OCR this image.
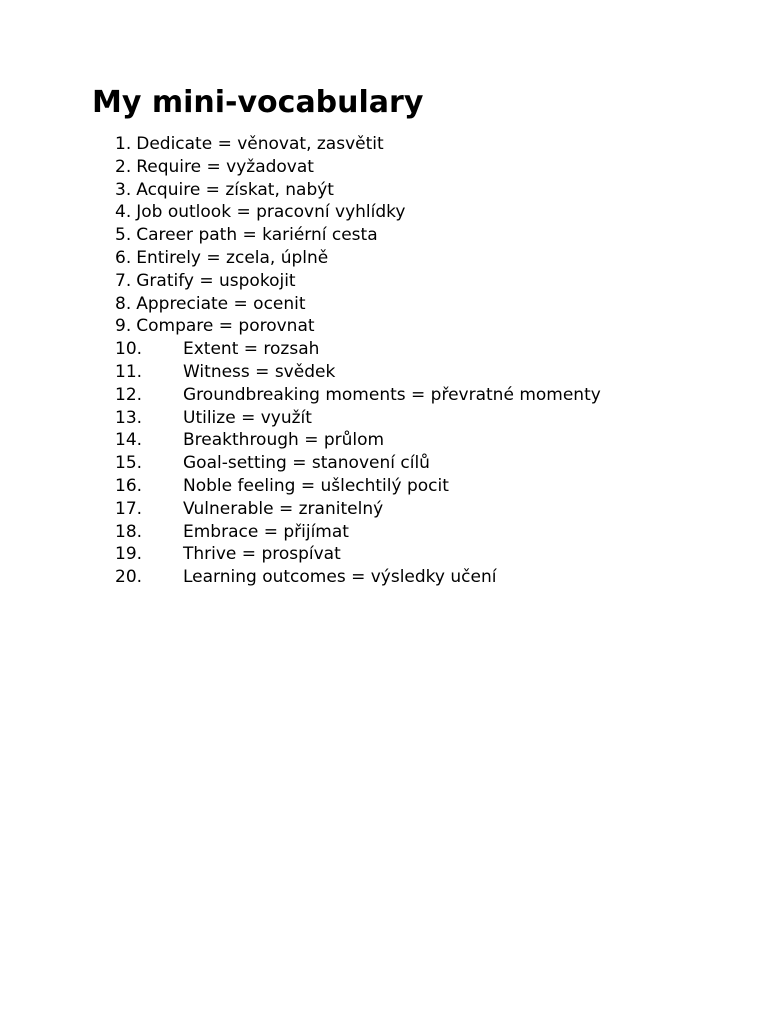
My mini-vocabulary
1. Dedicate = věnovat, zasvětit
2. Require = vyžadovat
3. Acquire = získat, nabýt
4. Job outlook = pracovní vyhlídky
5. Career path = kariérní cesta
6. Entirely = zcela, úplně
7. Gratify = uspokojit
8. Appreciate = ocenit
9. Compare = porovnat
10. Extent = rozsah
11. Witness = svědek
12. Groundbreaking moments = převratné momenty
13. Utilize = využít
14. Breakthrough = průlom
15. Goal-setting = stanovení cílů
16. Noble feeling = ušlechtilý pocit
17. Vulnerable = zranitelný
18. Embrace = přijímat
19. Thrive = prospívat
20. Learning outcomes = výsledky učení
